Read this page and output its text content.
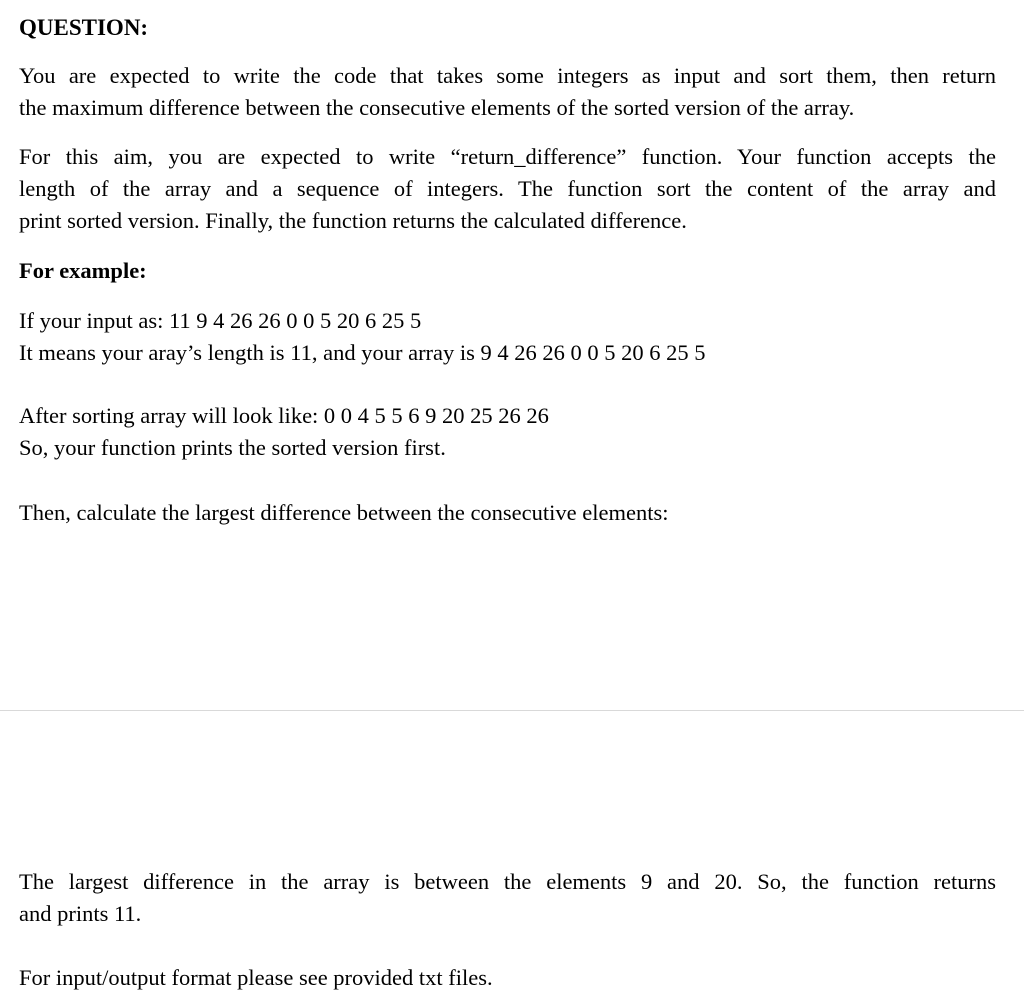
QUESTION:

You are expected to write the code that takes some integers as input and sort them, then return

the maximum difference between the consecutive elements of the sorted version of the array.

For this aim, you are expected to write “return_difference” function. Your function accepts the

length of the array and a sequence of integers. The function sort the content of the array and

print sorted version. Finally, the function returns the calculated difference.

For example:

If your input as: 11 9 4 26 26 0 0 5 20 6 25 5

It means your aray’s length is 11, and your array is 9 4 26 26 0 0 5 20 6 25 5

After sorting array will look like: 0 0 4 5 5 6 9 20 25 26 26

So, your function prints the sorted version first.

Then, calculate the largest difference between the consecutive elements:

The largest difference in the array is between the elements 9 and 20. So, the function returns

and prints 11.

For input/output format please see provided txt files.
